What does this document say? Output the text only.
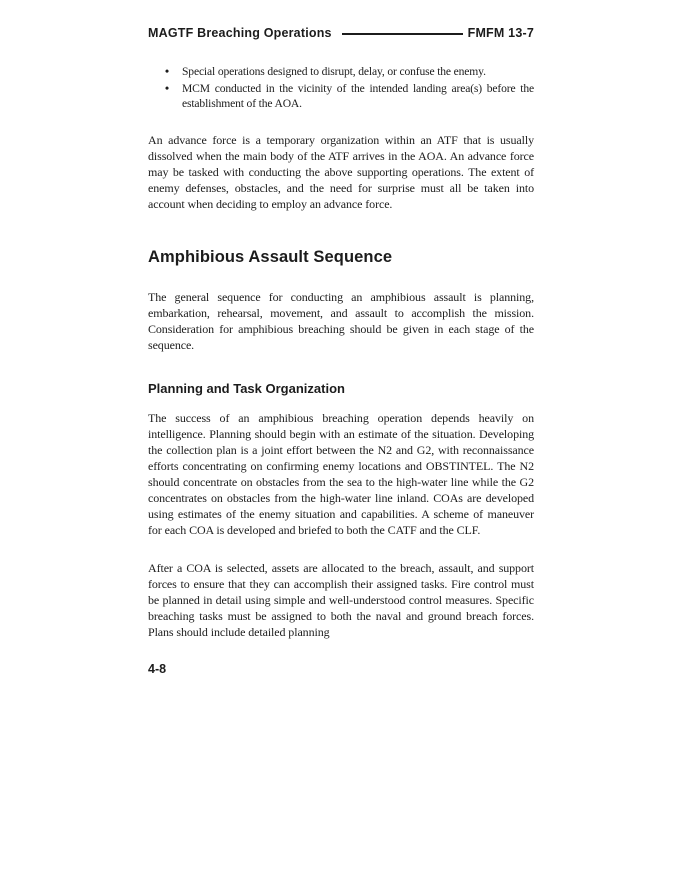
MAGTF Breaching Operations	FMFM 13-7
• Special operations designed to disrupt, delay, or confuse the enemy.
• MCM conducted in the vicinity of the intended landing area(s) before the establishment of the AOA.

An advance force is a temporary organization within an ATF that is usually dissolved when the main body of the ATF arrives in the AOA. An advance force may be tasked with conducting the above supporting operations. The extent of enemy defenses, obstacles, and the need for surprise must all be taken into account when deciding to employ an advance force.

Amphibious Assault Sequence

The general sequence for conducting an amphibious assault is planning, embarkation, rehearsal, movement, and assault to accomplish the mission. Consideration for amphibious breaching should be given in each stage of the sequence.

Planning and Task Organization

The success of an amphibious breaching operation depends heavily on intelligence. Planning should begin with an estimate of the situation. Developing the collection plan is a joint effort between the N2 and G2, with reconnaissance efforts concentrating on confirming enemy locations and OBSTINTEL. The N2 should concentrate on obstacles from the sea to the high-water line while the G2 concentrates on obstacles from the high-water line inland. COAs are developed using estimates of the enemy situation and capabilities. A scheme of maneuver for each COA is developed and briefed to both the CATF and the CLF.

After a COA is selected, assets are allocated to the breach, assault, and support forces to ensure that they can accomplish their assigned tasks. Fire control must be planned in detail using simple and well-understood control measures. Specific breaching tasks must be assigned to both the naval and ground breach forces. Plans should include detailed planning

4-8
